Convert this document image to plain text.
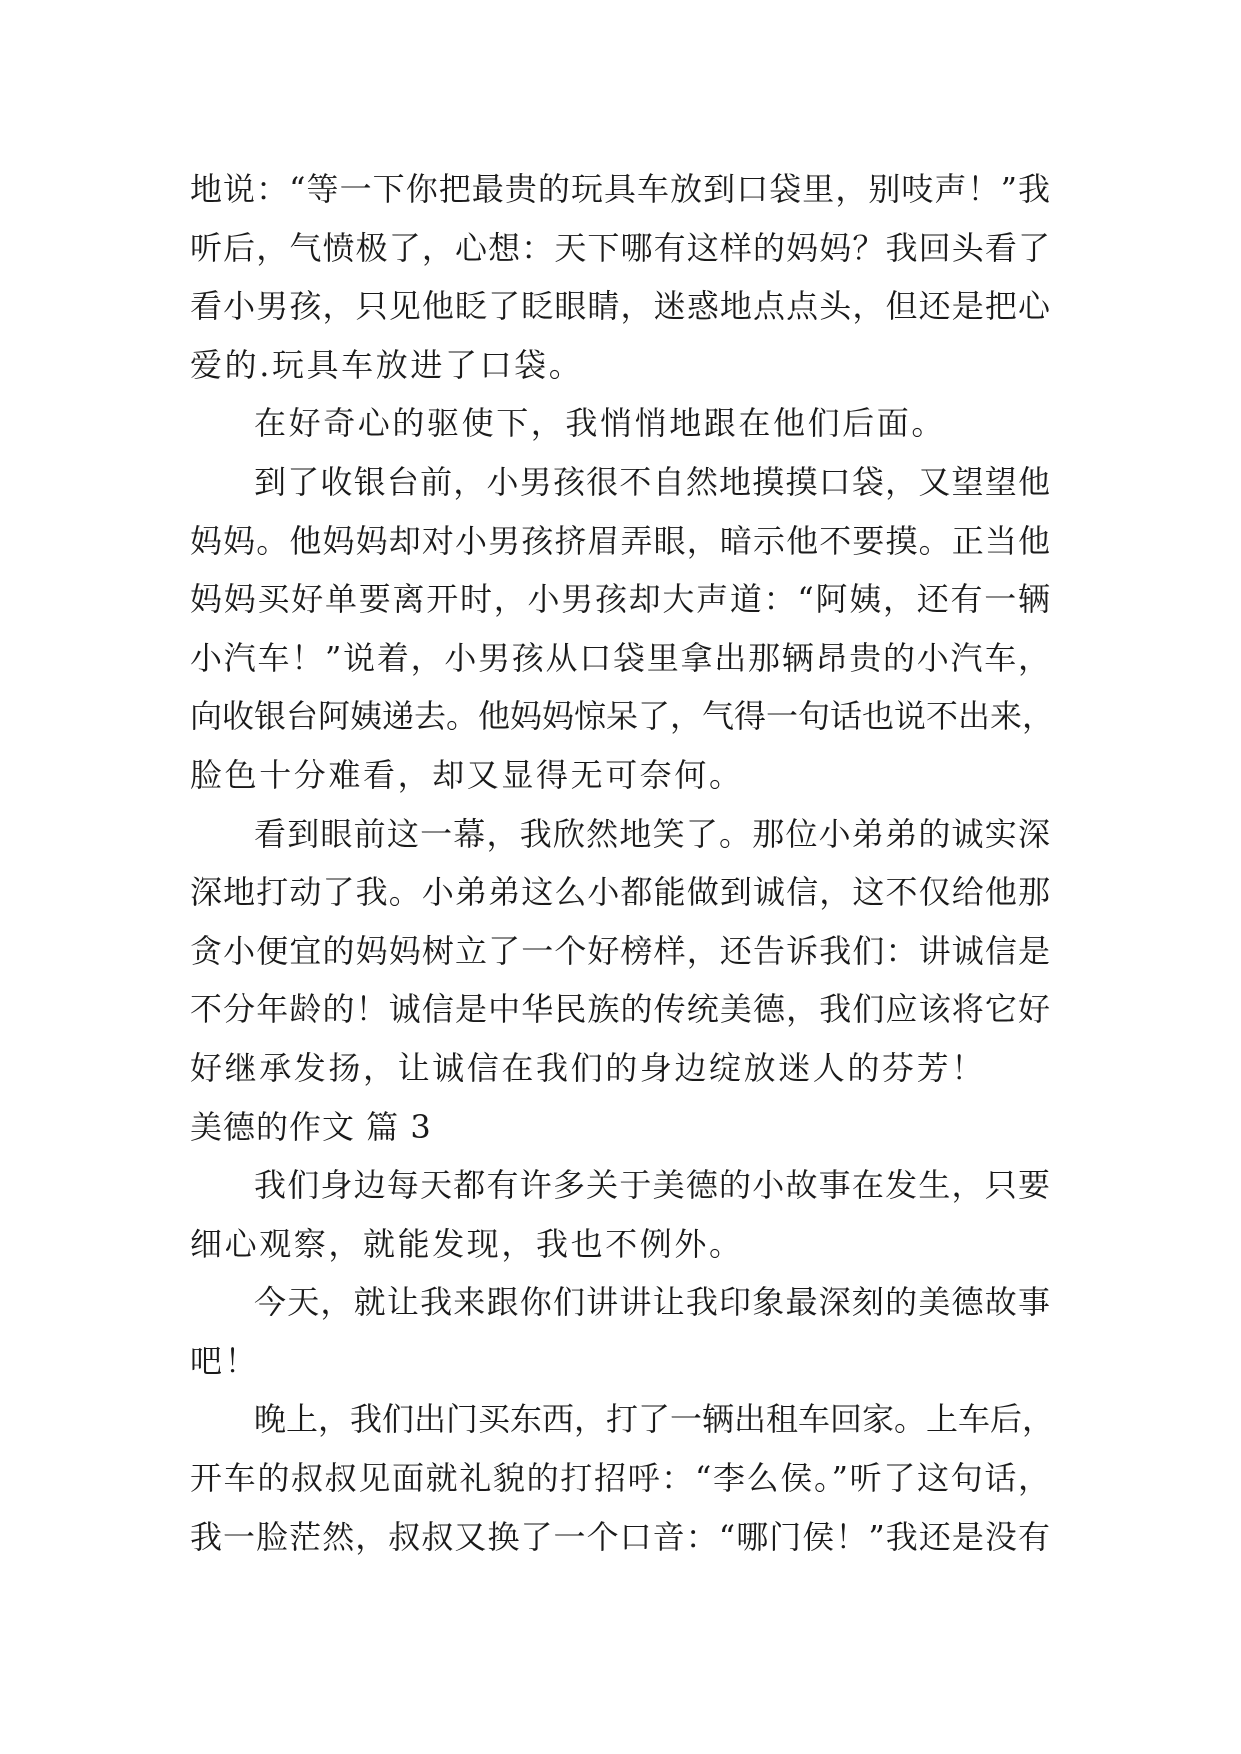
地说：“等一下你把最贵的玩具车放到口袋里，别吱声！”我
听后，气愤极了，心想：天下哪有这样的妈妈？我回头看了
看小男孩，只见他眨了眨眼睛，迷惑地点点头，但还是把心
爱的.玩具车放进了口袋。
在好奇心的驱使下，我悄悄地跟在他们后面。
到了收银台前，小男孩很不自然地摸摸口袋，又望望他
妈妈。他妈妈却对小男孩挤眉弄眼，暗示他不要摸。正当他
妈妈买好单要离开时，小男孩却大声道：“阿姨，还有一辆
小汽车！”说着，小男孩从口袋里拿出那辆昂贵的小汽车，
向收银台阿姨递去。他妈妈惊呆了，气得一句话也说不出来，
脸色十分难看，却又显得无可奈何。
看到眼前这一幕，我欣然地笑了。那位小弟弟的诚实深
深地打动了我。小弟弟这么小都能做到诚信，这不仅给他那
贪小便宜的妈妈树立了一个好榜样，还告诉我们：讲诚信是
不分年龄的！诚信是中华民族的传统美德，我们应该将它好
好继承发扬，让诚信在我们的身边绽放迷人的芬芳！
美德的作文 篇 3
我们身边每天都有许多关于美德的小故事在发生，只要
细心观察，就能发现，我也不例外。
今天，就让我来跟你们讲讲让我印象最深刻的美德故事
吧！
晚上，我们出门买东西，打了一辆出租车回家。上车后，
开车的叔叔见面就礼貌的打招呼：“李么侯。”听了这句话，
我一脸茫然，叔叔又换了一个口音：“哪门侯！”我还是没有
